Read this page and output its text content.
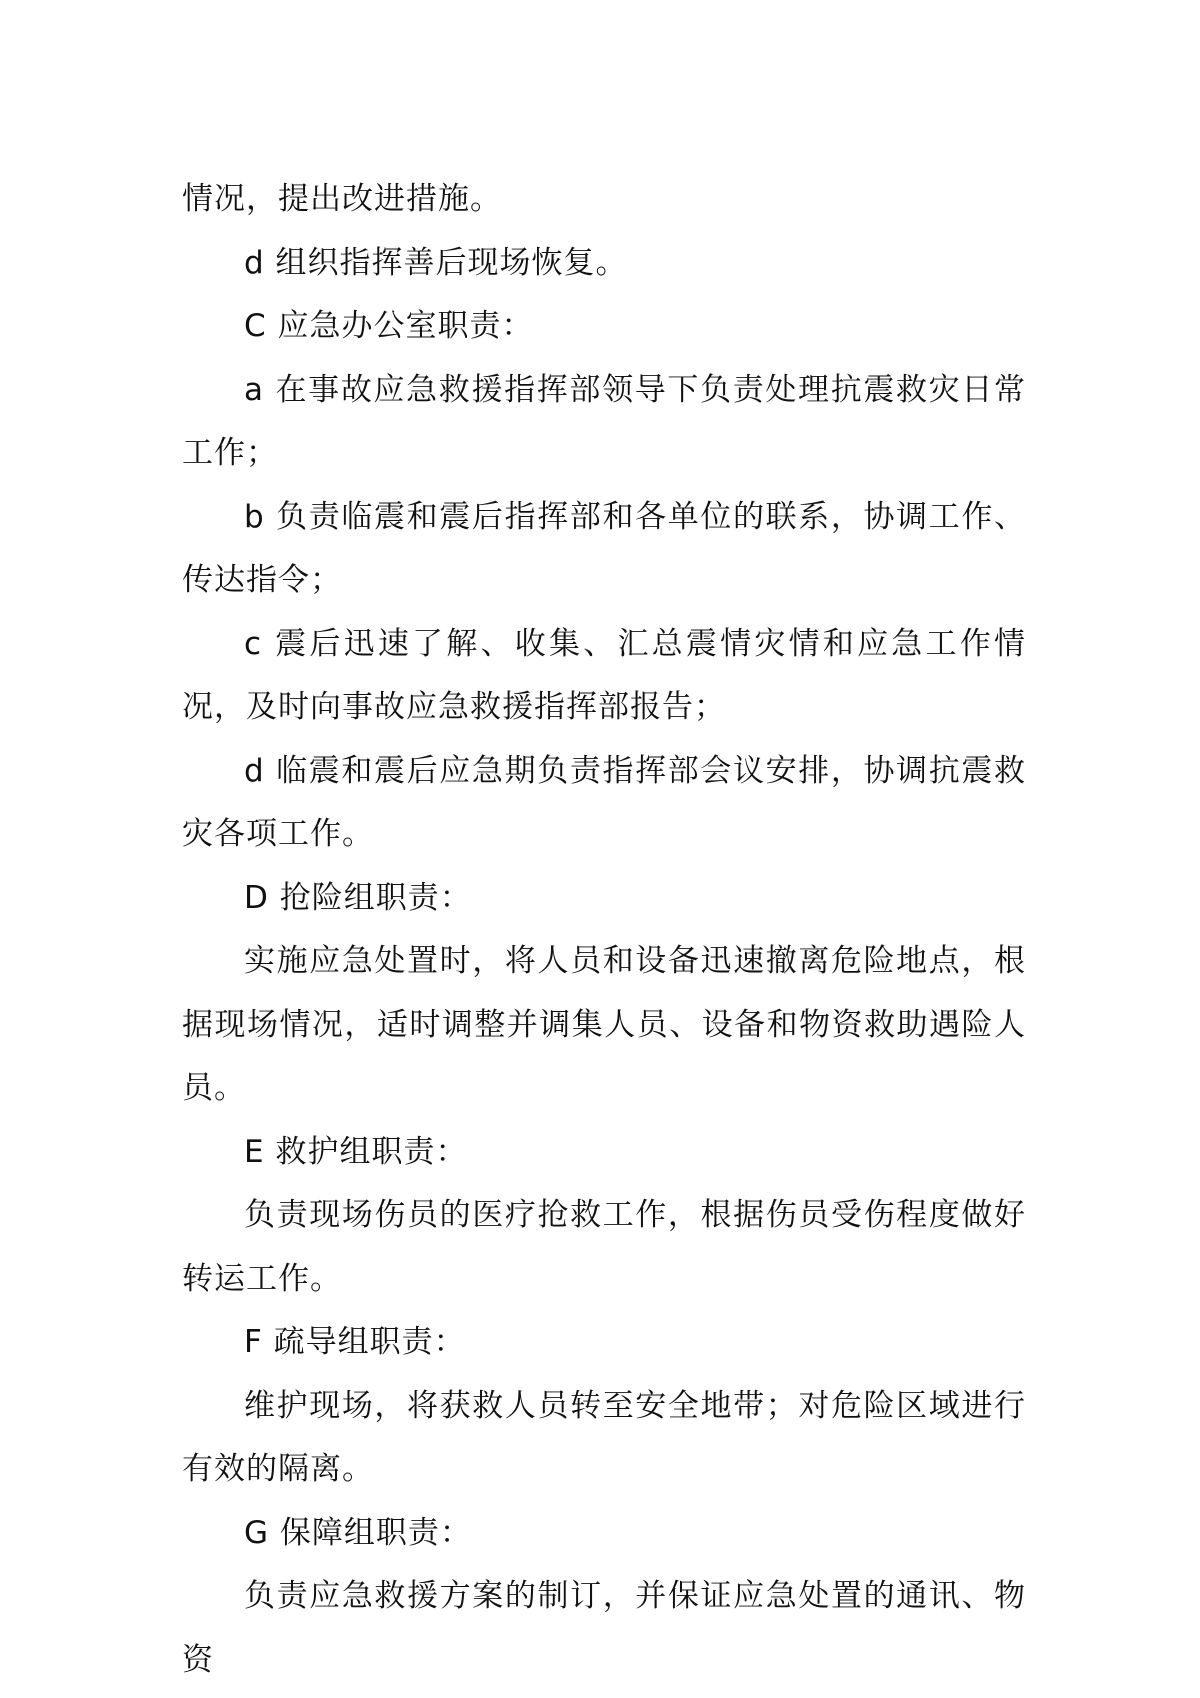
情况，提出改进措施。

d 组织指挥善后现场恢复。

C 应急办公室职责：

a 在事故应急救援指挥部领导下负责处理抗震救灾日常工作；

b 负责临震和震后指挥部和各单位的联系，协调工作、传达指令；

c 震后迅速了解、收集、汇总震情灾情和应急工作情况，及时向事故应急救援指挥部报告；

d 临震和震后应急期负责指挥部会议安排，协调抗震救灾各项工作。

D 抢险组职责：

实施应急处置时，将人员和设备迅速撤离危险地点，根据现场情况，适时调整并调集人员、设备和物资救助遇险人员。

E 救护组职责：

负责现场伤员的医疗抢救工作，根据伤员受伤程度做好转运工作。

F 疏导组职责：

维护现场，将获救人员转至安全地带；对危险区域进行有效的隔离。

G 保障组职责：

负责应急救援方案的制订，并保证应急处置的通讯、物资
